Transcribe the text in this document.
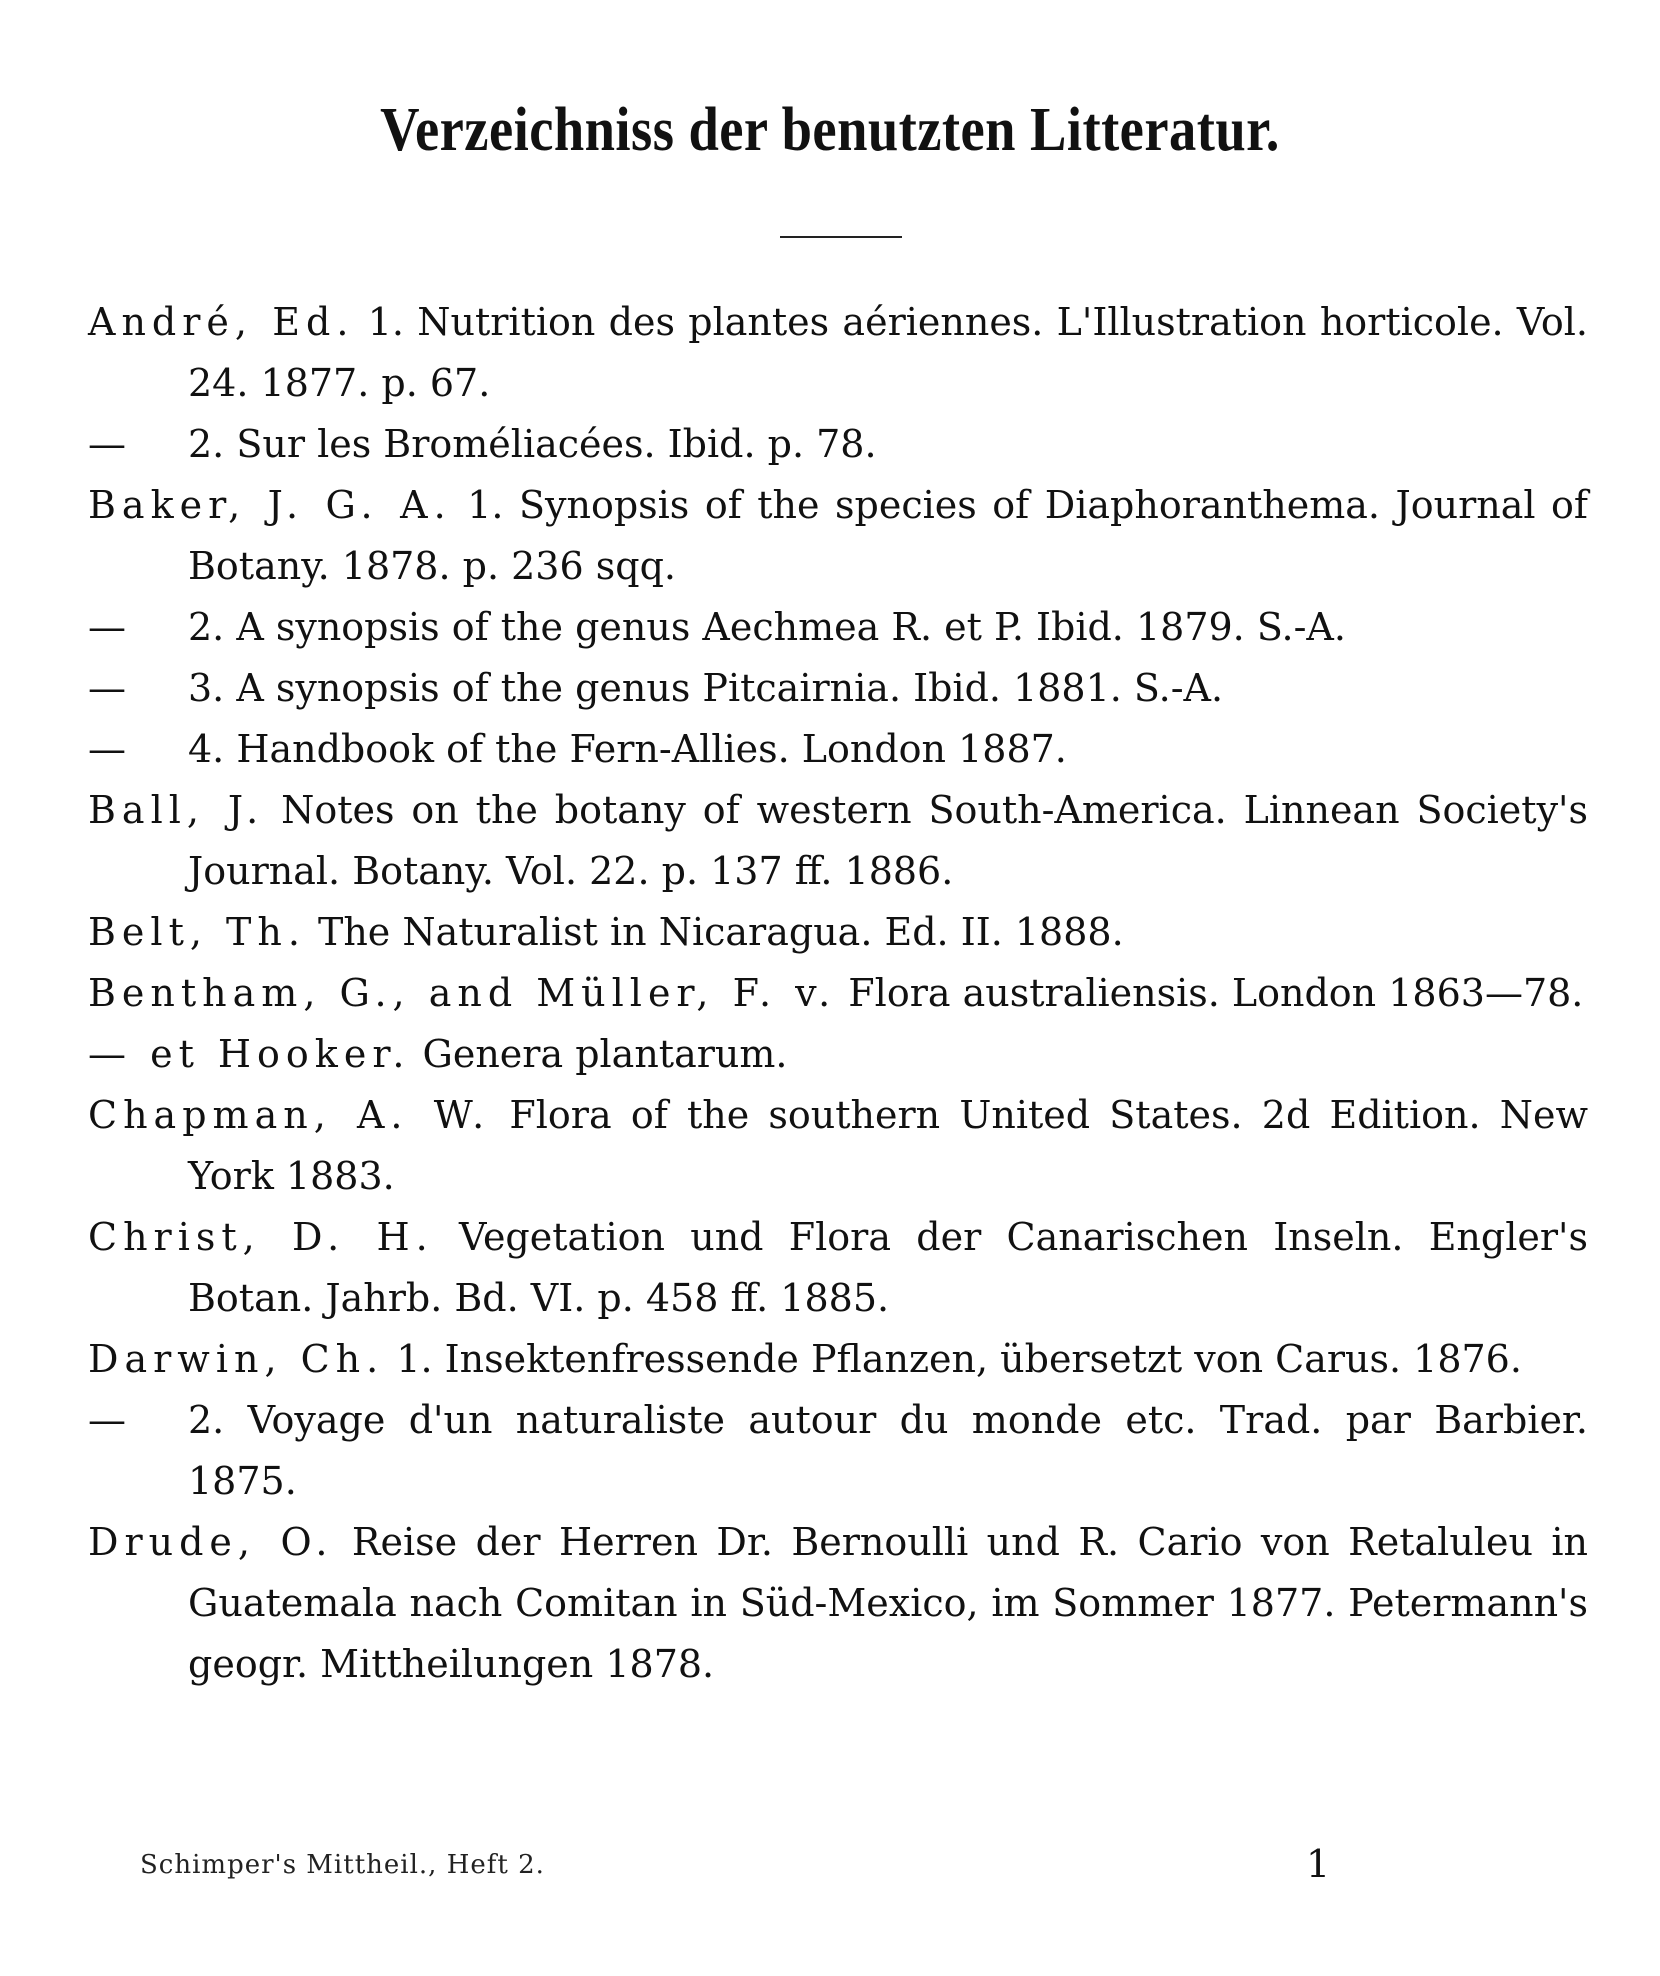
Verzeichniss der benutzten Litteratur.

André, Ed. 1. Nutrition des plantes aériennes. L'Illustration horticole. Vol. 24. 1877. p. 67.

— 2. Sur les Broméliacées. Ibid. p. 78.

Baker, J. G. A. 1. Synopsis of the species of Diaphoranthema. Journal of Botany. 1878. p. 236 sqq.

— 2. A synopsis of the genus Aechmea R. et P. Ibid. 1879. S.-A.

— 3. A synopsis of the genus Pitcairnia. Ibid. 1881. S.-A.

— 4. Handbook of the Fern-Allies. London 1887.

Ball, J. Notes on the botany of western South-America. Linnean Society's Journal. Botany. Vol. 22. p. 137 ff. 1886.

Belt, Th. The Naturalist in Nicaragua. Ed. II. 1888.

Bentham, G., and Müller, F. v. Flora australiensis. London 1863—78.

— et Hooker. Genera plantarum.

Chapman, A. W. Flora of the southern United States. 2d Edition. New York 1883.

Christ, D. H. Vegetation und Flora der Canarischen Inseln. Engler's Botan. Jahrb. Bd. VI. p. 458 ff. 1885.

Darwin, Ch. 1. Insektenfressende Pflanzen, übersetzt von Carus. 1876.

— 2. Voyage d'un naturaliste autour du monde etc. Trad. par Barbier. 1875.

Drude, O. Reise der Herren Dr. Bernoulli und R. Cario von Retaluleu in Guatemala nach Comitan in Süd-Mexico, im Sommer 1877. Petermann's geogr. Mittheilungen 1878.

Schimper's Mittheil., Heft 2.	1
